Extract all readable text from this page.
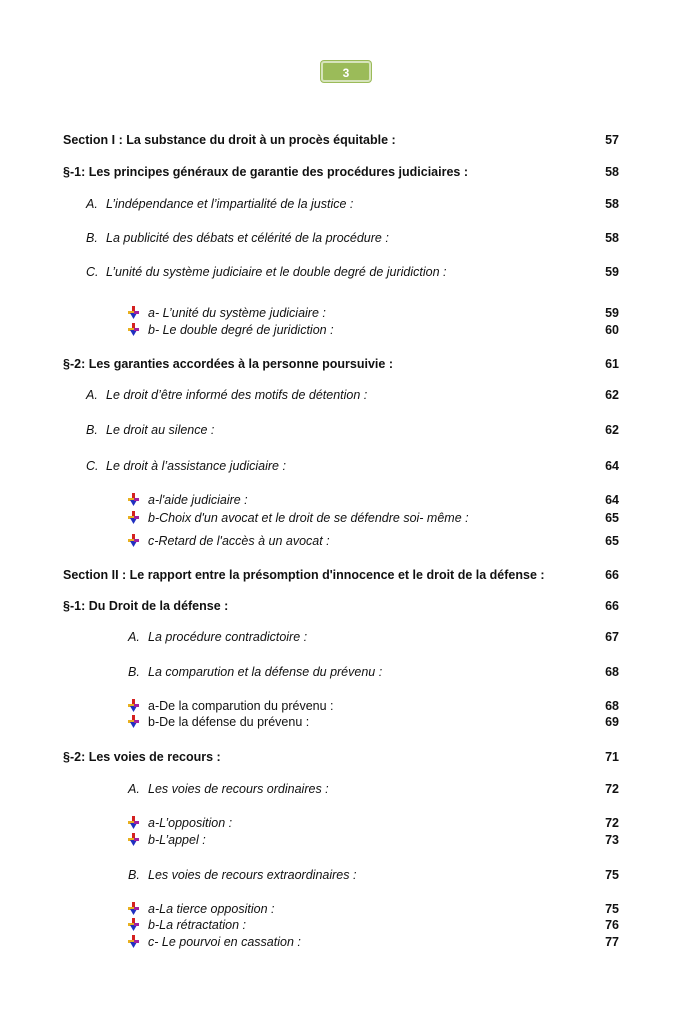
3
Section I : La substance du droit à un procès équitable :	57
§-1: Les principes généraux de garantie des procédures judiciaires :	58
A. L’indépendance et l’impartialité de la justice :	58
B. La publicité des débats et célérité de la procédure :	58
C. L’unité du système judiciaire et le double degré de juridiction :	59
a- L’unité du système judiciaire :	59
b- Le double degré de juridiction :	60
§-2: Les garanties accordées à la personne poursuivie :	61
A. Le droit d’être informé des motifs de détention :	62
B. Le droit au silence :	62
C. Le droit à l’assistance judiciaire :	64
a-l'aide judiciaire :	64
b-Choix d'un avocat et le droit de se défendre soi- même :	65
c-Retard de l'accès à un avocat :	65
Section II : Le rapport entre la présomption d'innocence et le droit de la défense :	66
§-1: Du Droit de la défense :	66
A. La procédure contradictoire :	67
B. La comparution et la défense du prévenu :	68
a-De la comparution du prévenu :	68
b-De la défense du prévenu :	69
§-2: Les voies de recours :	71
A. Les voies de recours ordinaires :	72
a-L’opposition :	72
b-L’appel :	73
B. Les voies de recours extraordinaires :	75
a-La tierce opposition :	75
b-La rétractation :	76
c- Le pourvoi en cassation :	77
